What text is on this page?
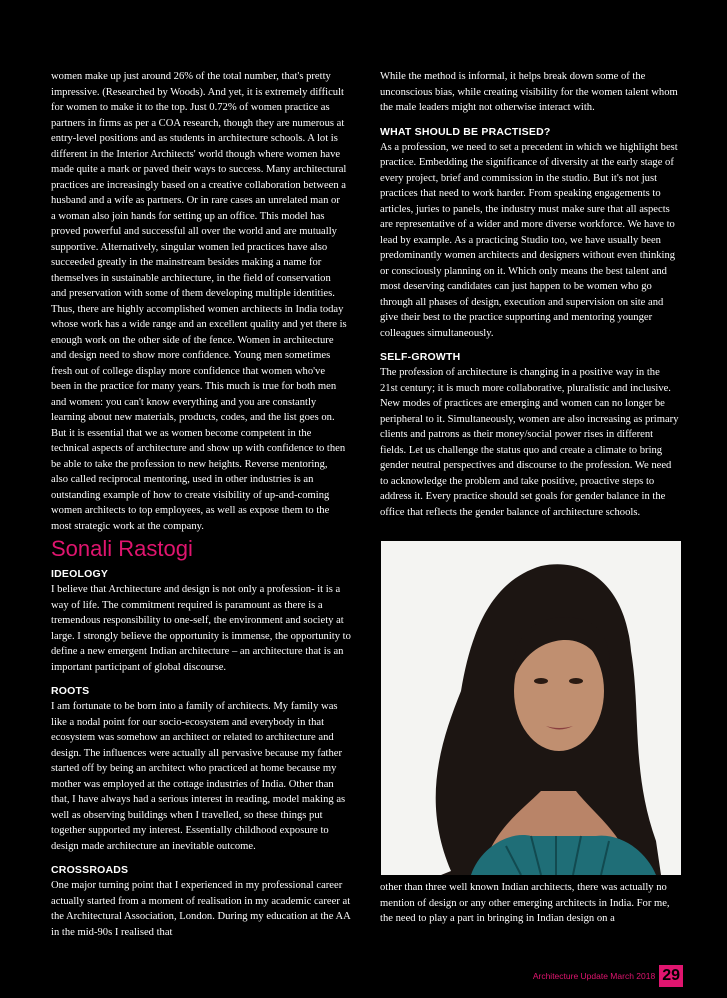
women make up just around 26% of the total number, that's pretty impressive. (Researched by Woods). And yet, it is extremely difficult for women to make it to the top. Just 0.72% of women practice as partners in firms as per a COA research, though they are numerous at entry-level positions and as students in architecture schools. A lot is different in the Interior Architects' world though where women have made quite a mark or paved their ways to success. Many architectural practices are increasingly based on a creative collaboration between a husband and a wife as partners. Or in rare cases an unrelated man or a woman also join hands for setting up an office. This model has proved powerful and successful all over the world and are mutually supportive. Alternatively, singular women led practices have also succeeded greatly in the mainstream besides making a name for themselves in sustainable architecture, in the field of conservation and preservation with some of them developing multiple identities. Thus, there are highly accomplished women architects in India today whose work has a wide range and an excellent quality and yet there is enough work on the other side of the fence. Women in architecture and design need to show more confidence. Young men sometimes fresh out of college display more confidence that women who've been in the practice for many years. This much is true for both men and women: you can't know everything and you are constantly learning about new materials, products, codes, and the list goes on. But it is essential that we as women become competent in the technical aspects of architecture and show up with confidence to then be able to take the profession to new heights. Reverse mentoring, also called reciprocal mentoring, used in other industries is an outstanding example of how to create visibility of up-and-coming women architects to top employees, as well as expose them to the most strategic work at the company.

While the method is informal, it helps break down some of the unconscious bias, while creating visibility for the women talent whom the male leaders might not otherwise interact with.

WHAT SHOULD BE PRACTISED?

As a profession, we need to set a precedent in which we highlight best practice. Embedding the significance of diversity at the early stage of every project, brief and commission in the studio. But it's not just practices that need to work harder. From speaking engagements to articles, juries to panels, the industry must make sure that all aspects are representative of a wider and more diverse workforce. We have to lead by example. As a practicing Studio too, we have usually been predominantly women architects and designers without even thinking or consciously planning on it. Which only means the best talent and most deserving candidates can just happen to be women who go through all phases of design, execution and supervision on site and give their best to the practice supporting and mentoring younger colleagues simultaneously.

SELF-GROWTH

The profession of architecture is changing in a positive way in the 21st century; it is much more collaborative, pluralistic and inclusive. New modes of practices are emerging and women can no longer be peripheral to it. Simultaneously, women are also increasing as primary clients and patrons as their money/social power rises in different fields. Let us challenge the status quo and create a climate to bring gender neutral perspectives and discourse to the profession. We need to acknowledge the problem and take positive, proactive steps to address it. Every practice should set goals for gender balance in the office that reflects the gender balance of architecture schools.

Sonali Rastogi
IDEOLOGY

I believe that Architecture and design is not only a profession- it is a way of life. The commitment required is paramount as there is a tremendous responsibility to one-self, the environment and society at large. I strongly believe the opportunity is immense, the opportunity to define a new emergent Indian architecture – an architecture that is an important participant of global discourse.

ROOTS

I am fortunate to be born into a family of architects. My family was like a nodal point for our socio-ecosystem and everybody in that ecosystem was somehow an architect or related to architecture and design. The influences were actually all pervasive because my father started off by being an architect who practiced at home because my mother was employed at the cottage industries of India. Other than that, I have always had a serious interest in reading, model making as well as observing buildings when I travelled, so these things put together supported my interest. Essentially childhood exposure to design made architecture an inevitable outcome.

CROSSROADS

One major turning point that I experienced in my professional career actually started from a moment of realisation in my academic career at the Architectural Association, London. During my education at the AA in the mid-90s I realised that

other than three well known Indian architects, there was actually no mention of design or any other emerging architects in India. For me, the need to play a part in bringing in Indian design on a

Architecture Update March 2018 29
